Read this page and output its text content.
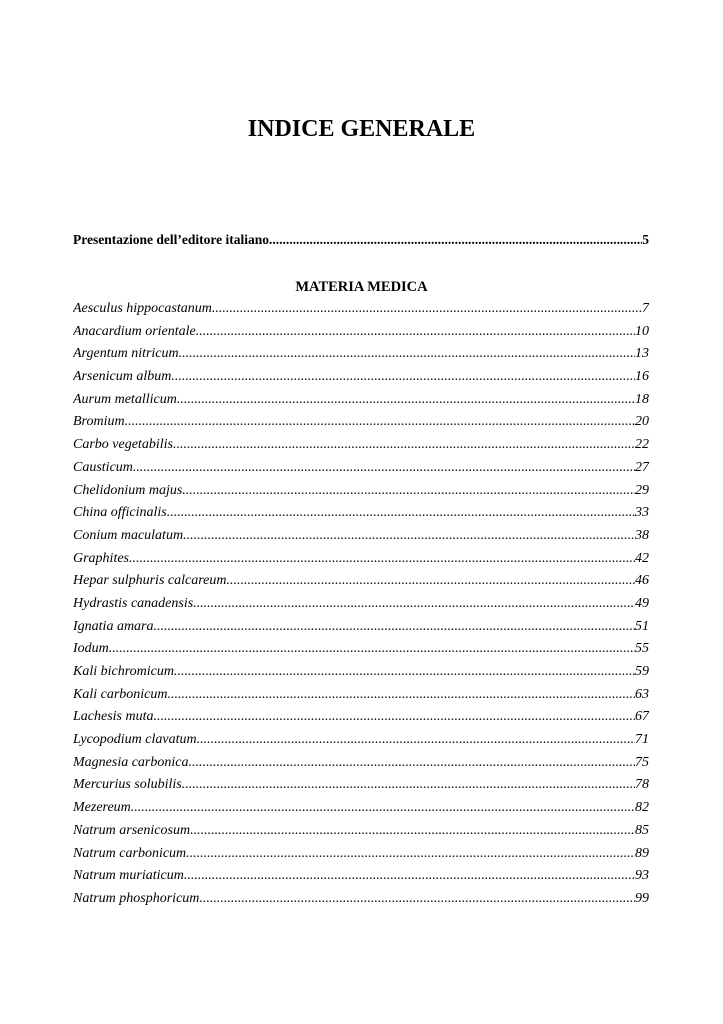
INDICE GENERALE
Presentazione dell’editore italiano .....	5
MATERIA MEDICA
Aesculus hippocastanum .....	7
Anacardium orientale .....	10
Argentum nitricum .....	13
Arsenicum album .....	16
Aurum metallicum .....	18
Bromium .....	20
Carbo vegetabilis .....	22
Causticum .....	27
Chelidonium majus .....	29
China officinalis .....	33
Conium maculatum .....	38
Graphites .....	42
Hepar sulphuris calcareum .....	46
Hydrastis canadensis .....	49
Ignatia amara .....	51
Iodum .....	55
Kali bichromicum .....	59
Kali carbonicum .....	63
Lachesis muta .....	67
Lycopodium clavatum .....	71
Magnesia carbonica .....	75
Mercurius solubilis .....	78
Mezereum .....	82
Natrum arsenicosum .....	85
Natrum carbonicum .....	89
Natrum muriaticum .....	93
Natrum phosphoricum .....	99
